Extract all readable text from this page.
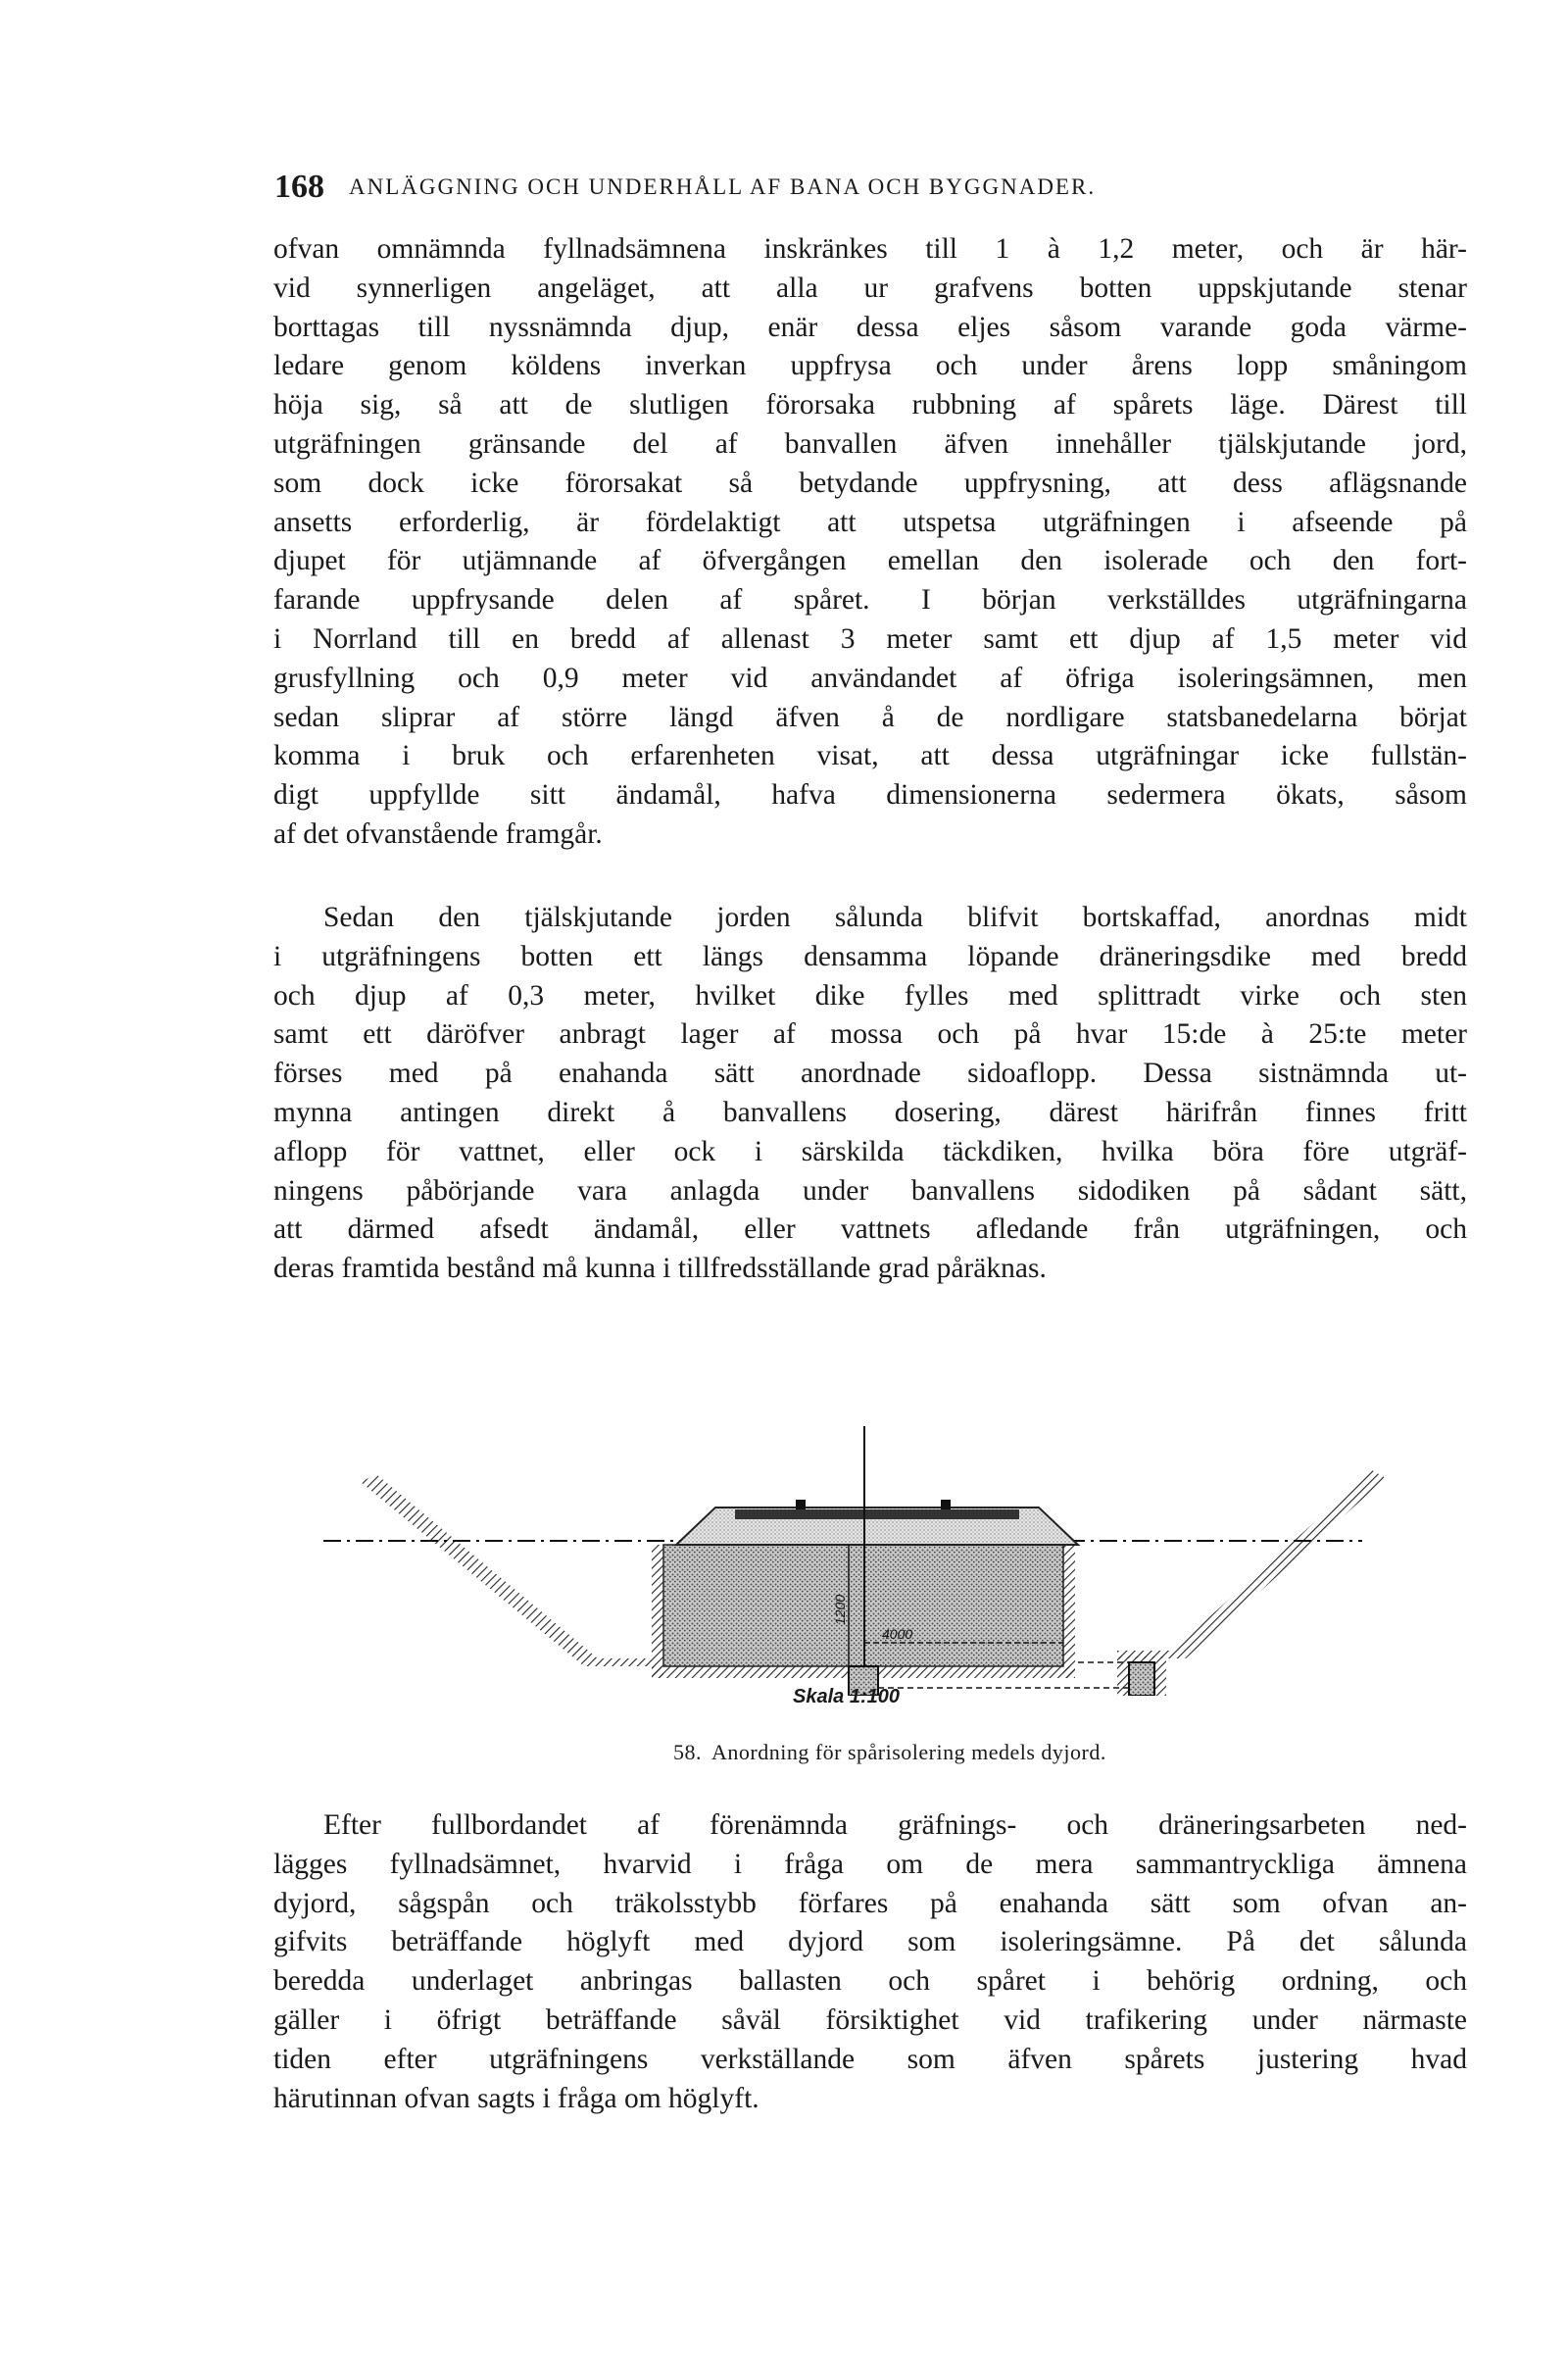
168 ANLÄGGNING OCH UNDERHÅLL AF BANA OCH BYGGNADER.
ofvan omnämnda fyllnadsämnena inskränkes till 1 à 1,2 meter, och är här-
vid synnerligen angeläget, att alla ur grafvens botten uppskjutande stenar
borttagas till nyssnämnda djup, enär dessa eljes såsom varande goda värme-
ledare genom köldens inverkan uppfrysa och under årens lopp småningom
höja sig, så att de slutligen förorsaka rubbning af spårets läge. Därest till
utgräfningen gränsande del af banvallen äfven innehåller tjälskjutande jord,
som dock icke förorsakat så betydande uppfrysning, att dess aflägsnande
ansetts erforderlig, är fördelaktigt att utspetsa utgräfningen i afseende på
djupet för utjämnande af öfvergången emellan den isolerade och den fort-
farande uppfrysande delen af spåret. I början verkställdes utgräfningarna
i Norrland till en bredd af allenast 3 meter samt ett djup af 1,5 meter vid
grusfyllning och 0,9 meter vid användandet af öfriga isoleringsämnen, men
sedan sliprar af större längd äfven å de nordligare statsbanedelarna börjat
komma i bruk och erfarenheten visat, att dessa utgräfningar icke fullstän-
digt uppfyllde sitt ändamål, hafva dimensionerna sedermera ökats, såsom
af det ofvanstående framgår.
Sedan den tjälskjutande jorden sålunda blifvit bortskaffad, anordnas midt
i utgräfningens botten ett längs densamma löpande dräneringsdike med bredd
och djup af 0,3 meter, hvilket dike fylles med splittradt virke och sten
samt ett däröfver anbragt lager af mossa och på hvar 15:de à 25:te meter
förses med på enahanda sätt anordnade sidoaflopp. Dessa sistnämnda ut-
mynna antingen direkt å banvallens dosering, därest härifrån finnes fritt
aflopp för vattnet, eller ock i särskilda täckdiken, hvilka böra före utgräf-
ningens påbörjande vara anlagda under banvallens sidodiken på sådant sätt,
att därmed afsedt ändamål, eller vattnets afledande från utgräfningen, och
deras framtida bestånd må kunna i tillfredsställande grad påräknas.
1200
4000
Skala 1:100
58. Anordning för spårisolering medels dyjord.
Efter fullbordandet af förenämnda gräfnings- och dräneringsarbeten ned-
lägges fyllnadsämnet, hvarvid i fråga om de mera sammantryckliga ämnena
dyjord, sågspån och träkolsstybb förfares på enahanda sätt som ofvan an-
gifvits beträffande höglyft med dyjord som isoleringsämne. På det sålunda
beredda underlaget anbringas ballasten och spåret i behörig ordning, och
gäller i öfrigt beträffande såväl försiktighet vid trafikering under närmaste
tiden efter utgräfningens verkställande som äfven spårets justering hvad
härutinnan ofvan sagts i fråga om höglyft.
